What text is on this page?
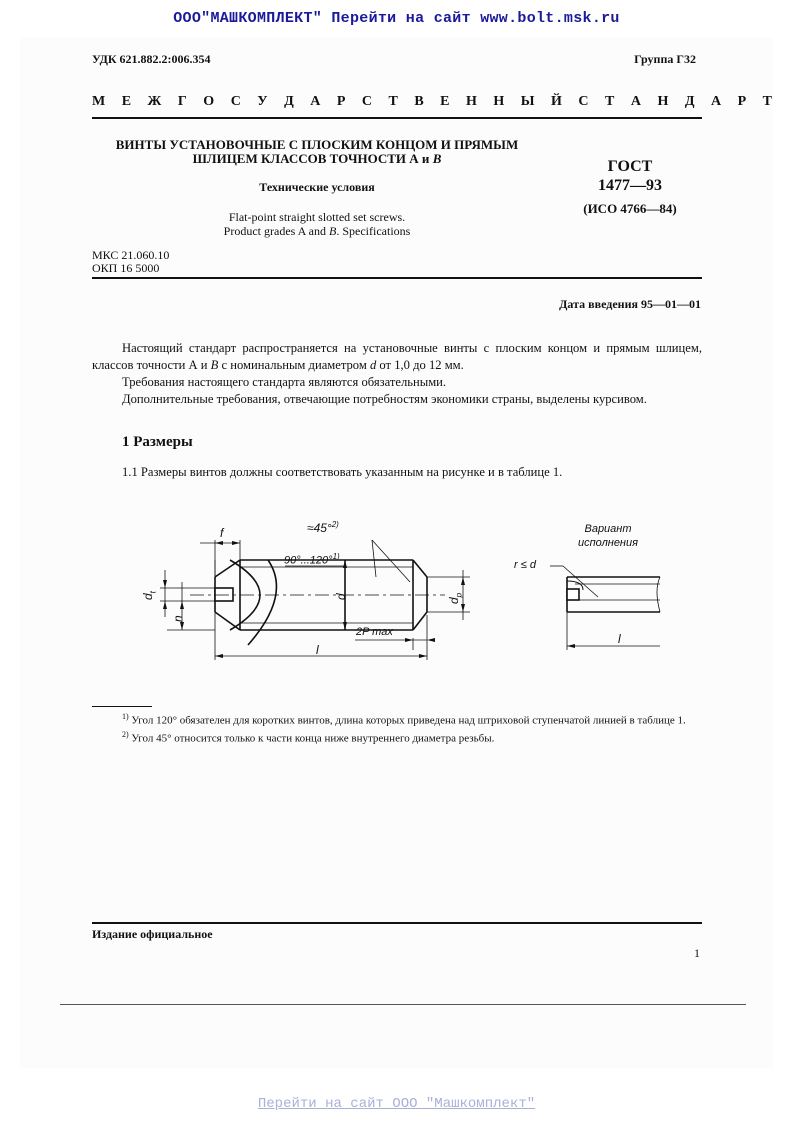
ООО"МАШКОМПЛЕКТ" Перейти на сайт www.bolt.msk.ru
УДК 621.882.2:006.354	Группа Г32
М Е Ж Г О С У Д А Р С Т В Е Н Н Ы Й С Т А Н Д А Р Т
ВИНТЫ УСТАНОВОЧНЫЕ С ПЛОСКИМ КОНЦОМ И ПРЯМЫМ
ШЛИЦЕМ КЛАССОВ ТОЧНОСТИ А и В
Технические условия
Flat-point straight slotted set screws.
Product grades A and B. Specifications
ГОСТ
1477—93
(ИСО 4766—84)
МКС 21.060.10
ОКП 16 5000
Дата введения 95—01—01

Настоящий стандарт распространяется на установочные винты с плоским концом и прямым шлицем, классов точности А и В с номинальным диаметром d от 1,0 до 12 мм.

Требования настоящего стандарта являются обязательными.

Дополнительные требования, отвечающие потребностям экономики страны, выделены курсивом.

1 Размеры
1.1 Размеры винтов должны соответствовать указанным на рисунке и в таблице 1.
f	≈45°$^{2)}$
90°...120°$^{1)}$
$d_t$
n
d
$d_p$
2P max
l
Вариант
исполнения
r ≤ d
l

$^{1)}$ Угол 120° обязателен для коротких винтов, длина которых приведена над штриховой ступенчатой линией в таблице 1.

$^{2)}$ Угол 45° относится только к части конца ниже внутреннего диаметра резьбы.

Издание официальное
1
Перейти на сайт ООО "Машкомплект"
